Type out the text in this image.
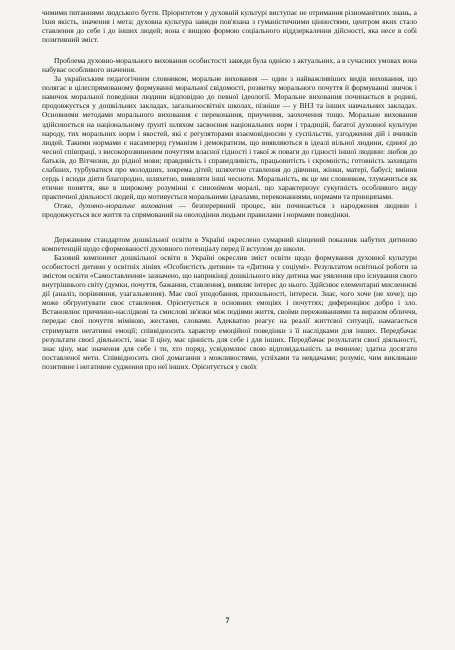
чимими питаннями людського буття. Пріоритетом у духовній культурі виступає не отримання різноманітних знань, а їхня якість, значення і мета; духовна культура завжди пов'язана з гуманістичними цінностями, центром яких стало ставлення до себе і до інших людей; вона є вищою формою соціального віддзеркалення дійсності, яка несе в собі позитивний зміст.

Проблема духовно-морального виховання особистості завжди була однією з актуальних, а в сучасних умовах вона набуває особливого значення.

За українським педагогічним словником, моральне виховання — один з найважливіших видів виховання, що полягає в цілеспрямованому формуванні моральної свідомості, розвитку морального почуття й формуванні звичок і навичок моральної поведінки людини відповідно до певної ідеології. Моральне виховання починається в родині, продовжується у дошкільних закладах, загальноосвітніх школах, пізніше — у ВНЗ та інших навчальних закладах. Основними методами морального виховання є переконання, приучення, заохочення тощо. Моральне виховання здійснюється на національному ґрунті шляхом засвоєння національних норм і традицій, багатої духовної культури народу, тих моральних норм і якостей, які є регуляторами взаємовідносин у суспільстві, узгодження дій і вчинків людей. Такими нормами є насамперед гуманізм і демократизм, що виявляються в ідеалі вільної людини, єдиної до чесної співпраці, з високорозвиненим почуттям власної гідності і такої ж поваги до гідності іншої людини: любов до батьків, до Вітчизни, до рідної мови; правдивість і справедливість, працьовитість і скромність; готовність захищати слабших, турбуватися про молодших, зокрема дітей; шляхетне ставлення до дівчини, жінки, матері, бабусі; вміння сердь і всюди діяти благородно, шляхетно, виявляти інші чесноти. Моральність, як це ми словником, тлумачиться як етичне поняття, яке в широкому розумінні є синонімом моралі, що характеризує сукупність особливого виду практичної діяльності людей, що мотивується моральними ідеалами, переконаннями, нормами та принципами.

Отже, духовно-моральне виховання — безперервний процес, він починається з народження людини і продовжується все життя та спрямований на оволодіння людьми правилами і нормами поведінки.

Державним стандартом дошкільної освіти в Україні окреслено сумарний кінцевий показник набутих дитиною компетенцій щодо сформованості духовного потенціалу перед її вступом до школи.

Базовий компонент дошкільної освіти в Україні окреслив зміст освіти щодо формування духовної культури особистості дитини у освітніх лініях «Особистість дитини» та «Дитина у соціумі». Результатом освітньої роботи за змістом освіти «Самоставлення» зазначено, що наприкінці дошкільного віку дитина має уявлення про існування свого внутрішнього світу (думки, почуття, бажання, ставлення), виявляє інтерес до нього. Здійснює елементарні мисленнєві дії (аналіз, порівняння, узагальнення). Має свої уподобання, прихильності, інтереси. Знає, чого хоче (не хоче); що може обгрунтувати своє ставлення. Орієнтується в основних емоціях і почуттях; диференціює добро і зло. Встановлює причинно-наслідкові та смислові зв'язки між подіями життя, своїми переживаннями та виразом обличчя, передає свої почуття мімікою, жестами, словами. Адекватно реагує на реалії життєвої ситуації, намагається стримувати негативні емоції; співвідносить характер емоційної поведінки з її наслідками для інших. Передбачає результати своєї діяльності, знає її ціну, має цінність для себе і для інших. Передбачає результати своєї діяльності, знає ціну, має значення для себе і ти, хто поряд, усвідомлює свою відповідальність за вчинене; здатна досягати поставленої мети. Співвідносить свої домагання з можливостями, успіхами та невдачами; розуміє, чим викликане позитивне і негативне судження про неї інших. Орієнтується у своїх

7
